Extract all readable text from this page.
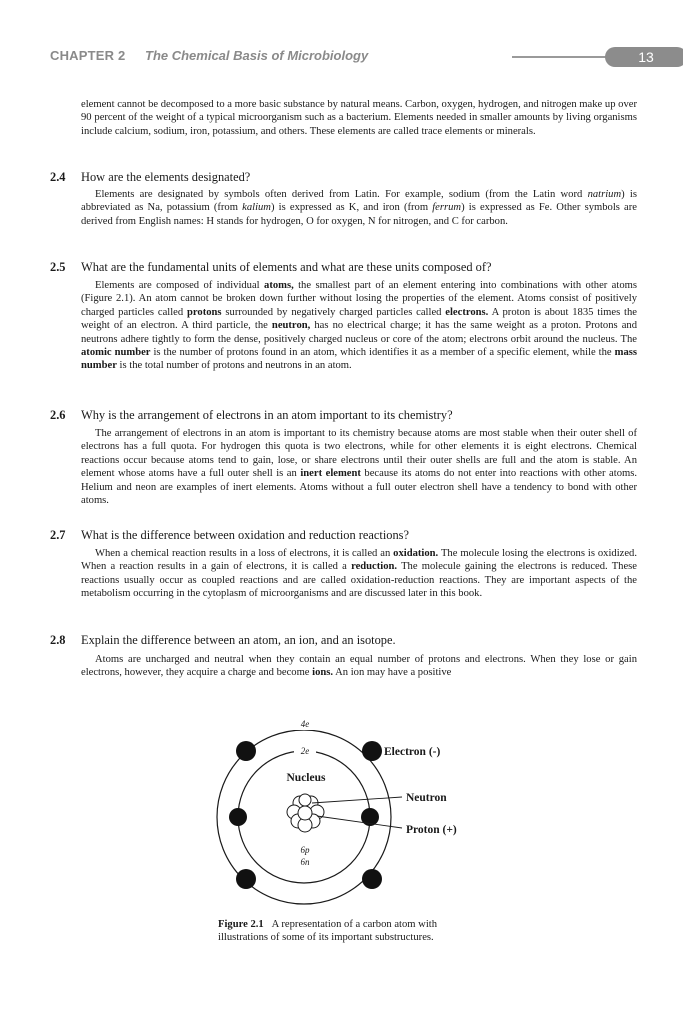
CHAPTER 2 The Chemical Basis of Microbiology	13

element cannot be decomposed to a more basic substance by natural means. Carbon, oxygen, hydrogen, and nitrogen make up over 90 percent of the weight of a typical microorganism such as a bacterium. Elements needed in smaller amounts by living organisms include calcium, sodium, iron, potassium, and others. These elements are called trace elements or minerals.

2.4 How are the elements designated?

Elements are designated by symbols often derived from Latin. For example, sodium (from the Latin word natrium) is abbreviated as Na, potassium (from kalium) is expressed as K, and iron (from ferrum) is expressed as Fe. Other symbols are derived from English names: H stands for hydrogen, O for oxygen, N for nitrogen, and C for carbon.

2.5 What are the fundamental units of elements and what are these units composed of?

Elements are composed of individual atoms, the smallest part of an element entering into combinations with other atoms (Figure 2.1). An atom cannot be broken down further without losing the properties of the element. Atoms consist of positively charged particles called protons surrounded by negatively charged particles called electrons. A proton is about 1835 times the weight of an electron. A third particle, the neutron, has no electrical charge; it has the same weight as a proton. Protons and neutrons adhere tightly to form the dense, positively charged nucleus or core of the atom; electrons orbit around the nucleus. The atomic number is the number of protons found in an atom, which identifies it as a member of a specific element, while the mass number is the total number of protons and neutrons in an atom.

2.6 Why is the arrangement of electrons in an atom important to its chemistry?

The arrangement of electrons in an atom is important to its chemistry because atoms are most stable when their outer shell of electrons has a full quota. For hydrogen this quota is two electrons, while for other elements it is eight electrons. Chemical reactions occur because atoms tend to gain, lose, or share electrons until their outer shells are full and the atom is stable. An element whose atoms have a full outer shell is an inert element because its atoms do not enter into reactions with other atoms. Helium and neon are examples of inert elements. Atoms without a full outer electron shell have a tendency to bond with other atoms.

2.7 What is the difference between oxidation and reduction reactions?

When a chemical reaction results in a loss of electrons, it is called an oxidation. The molecule losing the electrons is oxidized. When a reaction results in a gain of electrons, it is called a reduction. The molecule gaining the electrons is reduced. These reactions usually occur as coupled reactions and are called oxidation-reduction reactions. They are important aspects of the metabolism occurring in the cytoplasm of microorganisms and are discussed later in this book.

2.8 Explain the difference between an atom, an ion, and an isotope.

Atoms are uncharged and neutral when they contain an equal number of protons and electrons. When they lose or gain electrons, however, they acquire a charge and become ions. An ion may have a positive

4e
2e
Nucleus
Electron (-)
Neutron
Proton (+)
6p
6n
Figure 2.1 A representation of a carbon atom with illustrations of some of its important substructures.
